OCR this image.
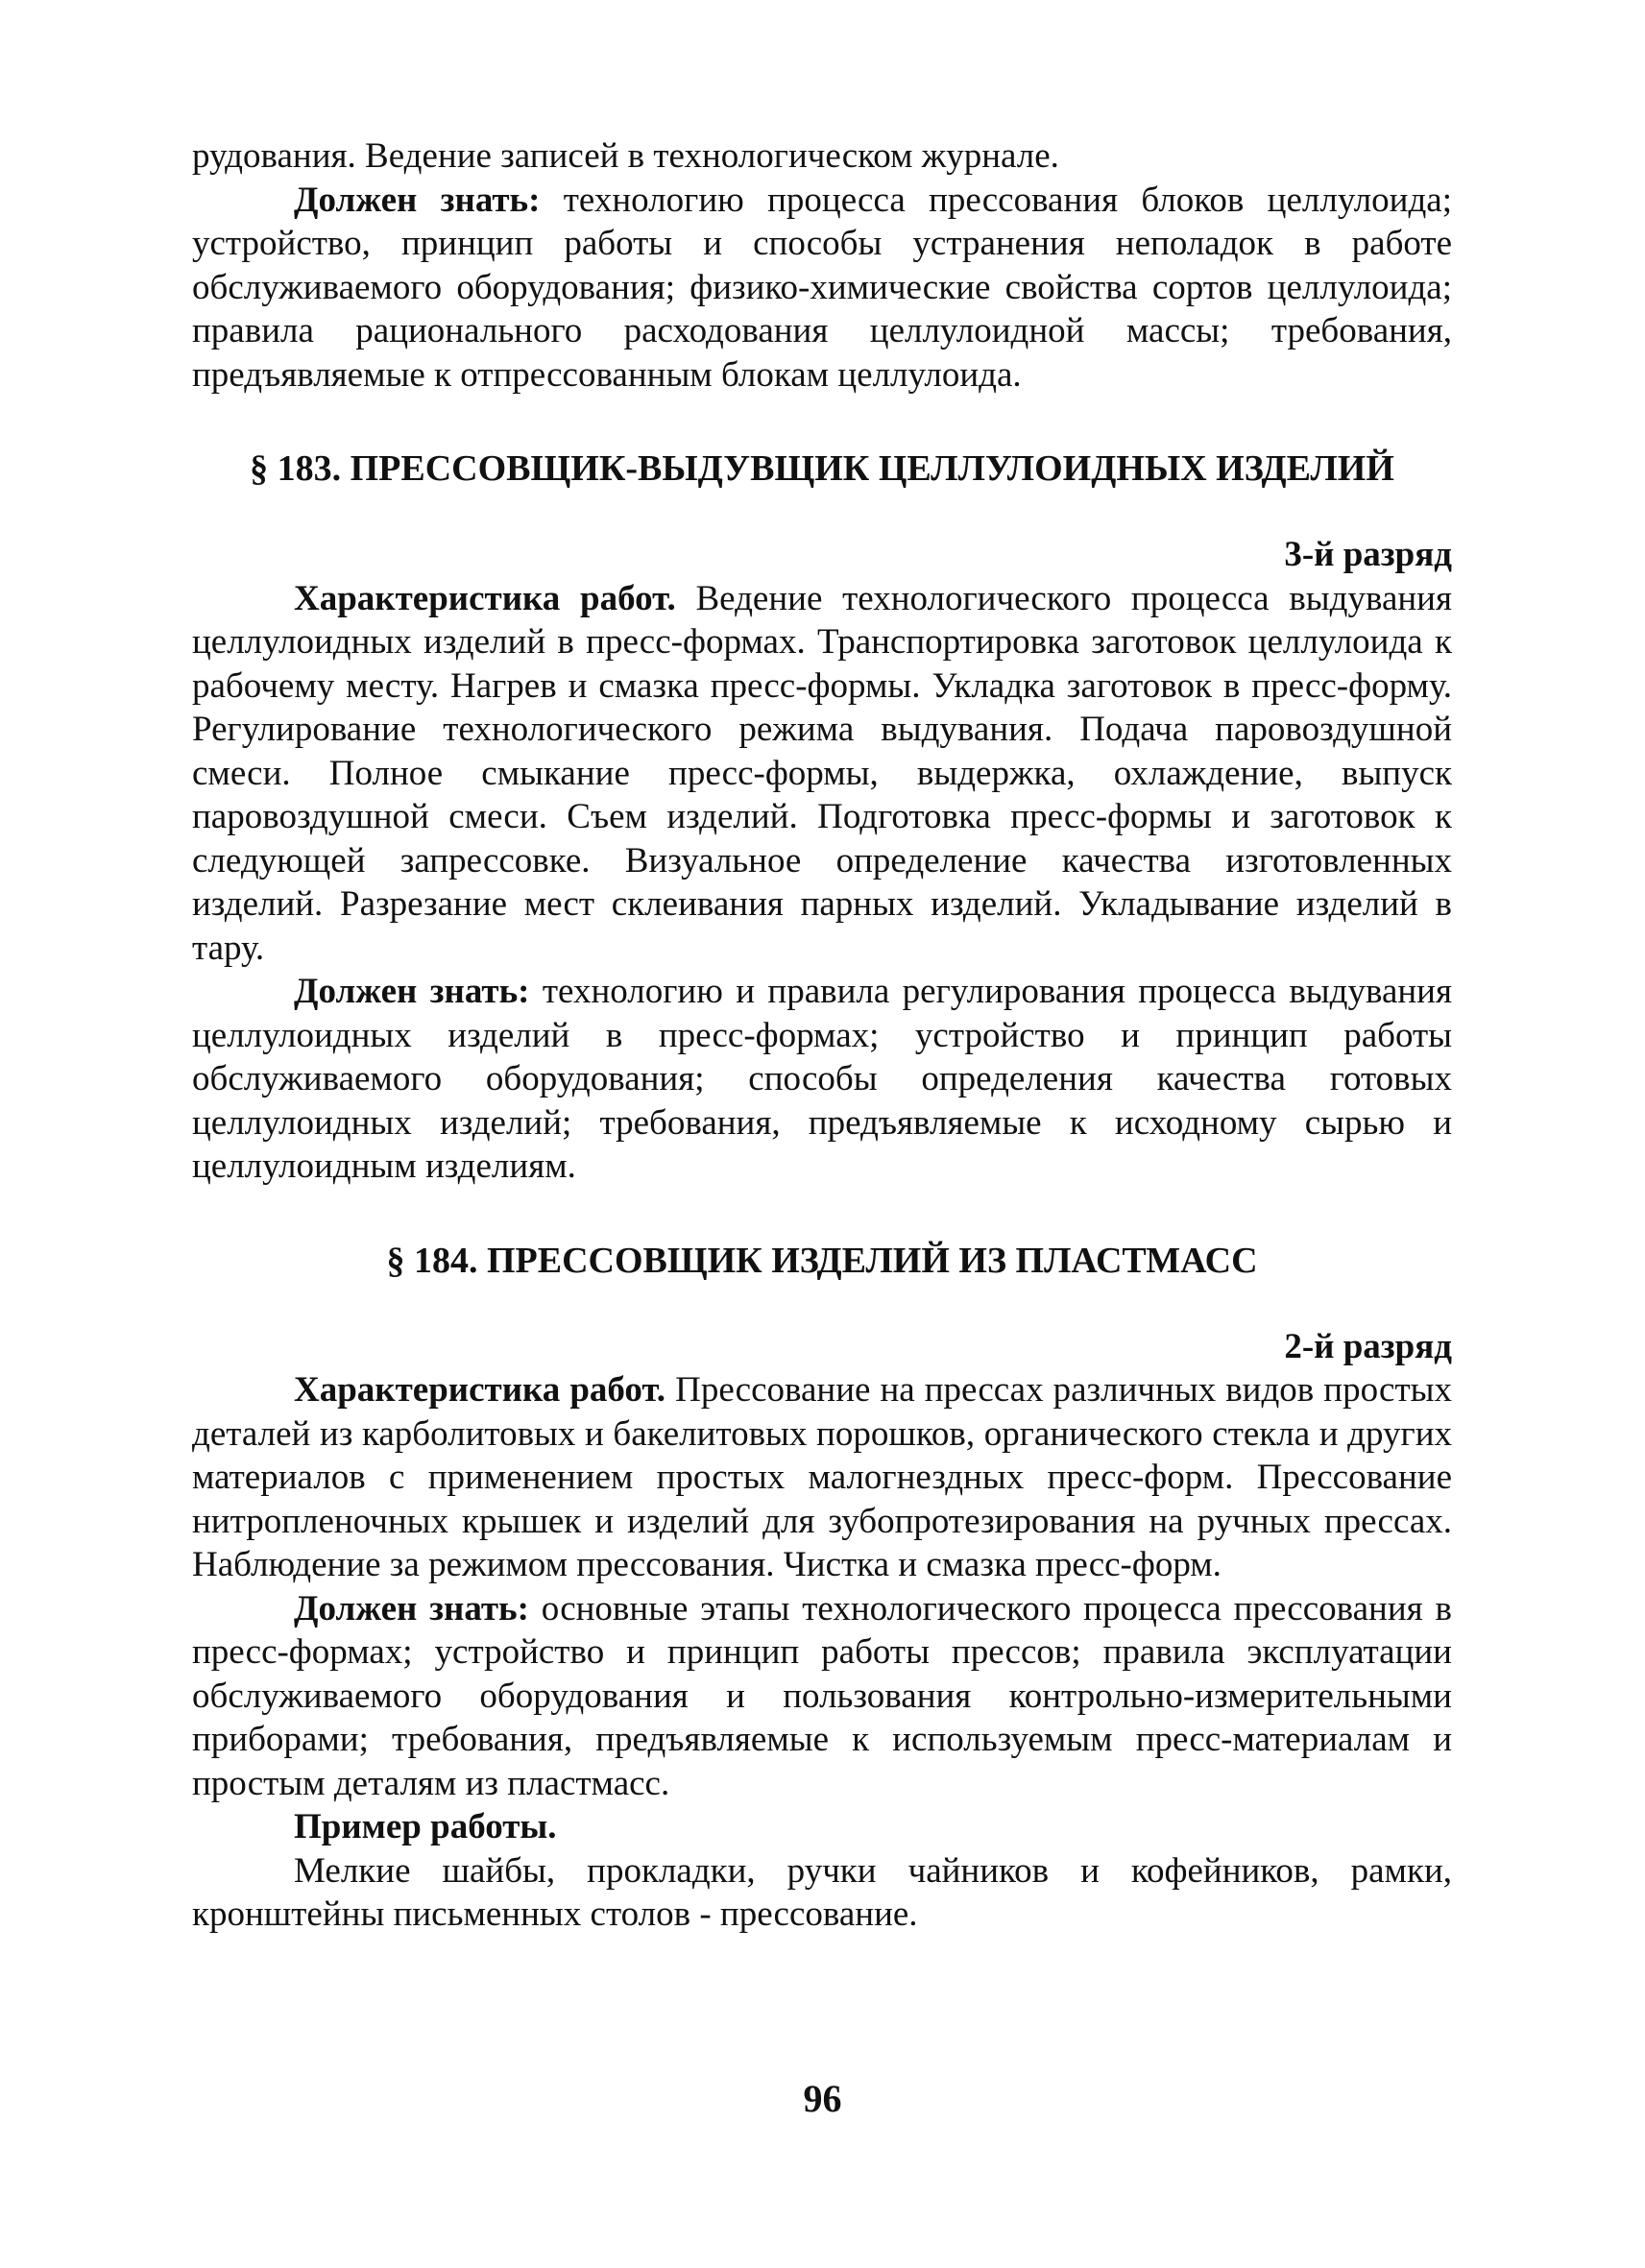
рудования. Ведение записей в технологическом журнале.

Должен знать: технологию процесса прессования блоков целлулоида; устройство, принцип работы и способы устранения неполадок в работе обслуживаемого оборудования; физико-химические свойства сортов целлулоида; правила рационального расходования целлулоидной массы; требования, предъявляемые к отпрессованным блокам целлулоида.

§ 183. ПРЕССОВЩИК-ВЫДУВЩИК ЦЕЛЛУЛОИДНЫХ ИЗДЕЛИЙ

3-й разряд

Характеристика работ. Ведение технологического процесса выдувания целлулоидных изделий в пресс-формах. Транспортировка заготовок целлулоида к рабочему месту. Нагрев и смазка пресс-формы. Укладка заготовок в пресс-форму. Регулирование технологического режима выдувания. Подача паровоздушной смеси. Полное смыкание пресс-формы, выдержка, охлаждение, выпуск паровоздушной смеси. Съем изделий. Подготовка пресс-формы и заготовок к следующей запрессовке. Визуальное определение качества изготовленных изделий. Разрезание мест склеивания парных изделий. Укладывание изделий в тару.

Должен знать: технологию и правила регулирования процесса выдувания целлулоидных изделий в пресс-формах; устройство и принцип работы обслуживаемого оборудования; способы определения качества готовых целлулоидных изделий; требования, предъявляемые к исходному сырью и целлулоидным изделиям.

§ 184. ПРЕССОВЩИК ИЗДЕЛИЙ ИЗ ПЛАСТМАСС

2-й разряд

Характеристика работ. Прессование на прессах различных видов простых деталей из карболитовых и бакелитовых порошков, органического стекла и других материалов с применением простых малогнездных пресс-форм. Прессование нитропленочных крышек и изделий для зубопротезирования на ручных прессах. Наблюдение за режимом прессования. Чистка и смазка пресс-форм.

Должен знать: основные этапы технологического процесса прессования в пресс-формах; устройство и принцип работы прессов; правила эксплуатации обслуживаемого оборудования и пользования контрольно-измерительными приборами; требования, предъявляемые к используемым пресс-материалам и простым деталям из пластмасс.

Пример работы.

Мелкие шайбы, прокладки, ручки чайников и кофейников, рамки, кронштейны письменных столов - прессование.

96
